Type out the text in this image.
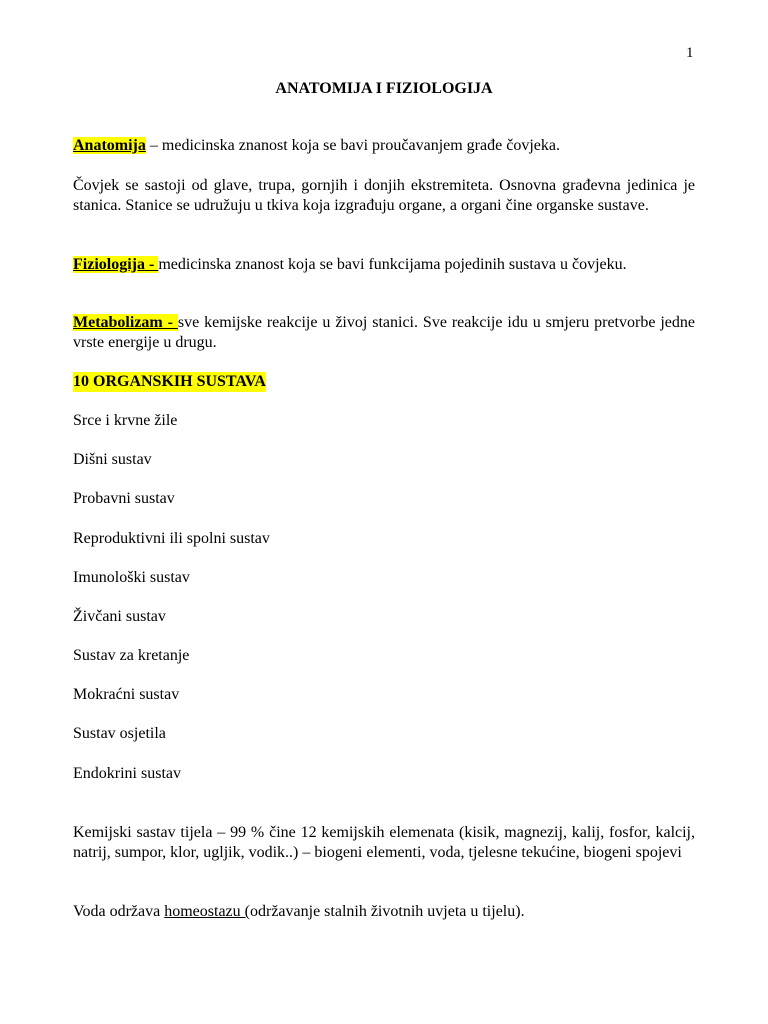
1
ANATOMIJA I FIZIOLOGIJA

Anatomija – medicinska znanost koja se bavi proučavanjem građe čovjeka.

Čovjek se sastoji od glave, trupa, gornjih i donjih ekstremiteta. Osnovna građevna jedinica je stanica. Stanice se udružuju u tkiva koja izgrađuju organe, a organi čine organske sustave.

Fiziologija - medicinska znanost koja se bavi funkcijama pojedinih sustava u čovjeku.

Metabolizam - sve kemijske reakcije u živoj stanici. Sve reakcije idu u smjeru pretvorbe jedne vrste energije u drugu.

10 ORGANSKIH SUSTAVA
Srce i krvne žile
Dišni sustav
Probavni sustav
Reproduktivni ili spolni sustav
Imunološki sustav
Živčani sustav
Sustav za kretanje
Mokraćni sustav
Sustav osjetila
Endokrini sustav

Kemijski sastav tijela – 99 % čine 12 kemijskih elemenata (kisik, magnezij, kalij, fosfor, kalcij, natrij, sumpor, klor, ugljik, vodik..) – biogeni elementi, voda, tjelesne tekućine, biogeni spojevi

Voda održava homeostazu (održavanje stalnih životnih uvjeta u tijelu).
